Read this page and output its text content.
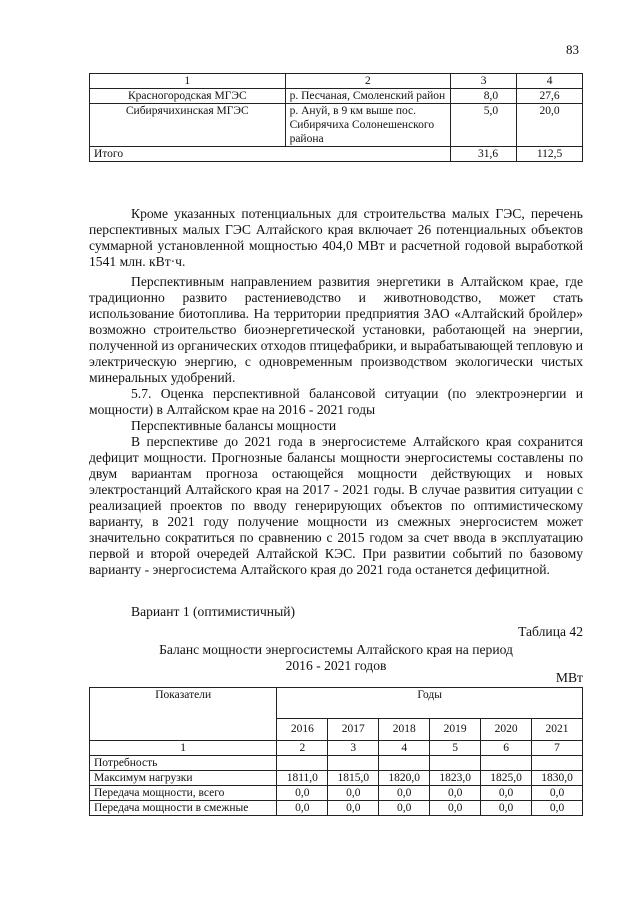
83
1	2	3	4
Красногородская МГЭС	р. Песчаная, Смоленский район	8,0	27,6
Сибирячихинская МГЭС	р. Ануй, в 9 км выше пос. Сибирячиха Солонешенского района	5,0	20,0
Итого		31,6	112,5

Кроме указанных потенциальных для строительства малых ГЭС, перечень перспективных малых ГЭС Алтайского края включает 26 потенциальных объектов суммарной установленной мощностью 404,0 МВт и расчетной годовой выработкой 1541 млн. кВт·ч.

Перспективным направлением развития энергетики в Алтайском крае, где традиционно развито растениеводство и животноводство, может стать использование биотоплива. На территории предприятия ЗАО «Алтайский бройлер» возможно строительство биоэнергетической установки, работающей на энергии, полученной из органических отходов птицефабрики, и вырабатывающей тепловую и электрическую энергию, с одновременным производством экологически чистых минеральных удобрений.

5.7. Оценка перспективной балансовой ситуации (по электроэнергии и мощности) в Алтайском крае на 2016 - 2021 годы

Перспективные балансы мощности

В перспективе до 2021 года в энергосистеме Алтайского края сохранится дефицит мощности. Прогнозные балансы мощности энергосистемы составлены по двум вариантам прогноза остающейся мощности действующих и новых электростанций Алтайского края на 2017 - 2021 годы. В случае развития ситуации с реализацией проектов по вводу генерирующих объектов по оптимистическому варианту, в 2021 году получение мощности из смежных энергосистем может значительно сократиться по сравнению с 2015 годом за счет ввода в эксплуатацию первой и второй очередей Алтайской КЭС. При развитии событий по базовому варианту - энергосистема Алтайского края до 2021 года останется дефицитной.

Вариант 1 (оптимистичный)

Таблица 42
Баланс мощности энергосистемы Алтайского края на период
2016 - 2021 годов
МВт
Показатели	Годы					
	2016	2017	2018	2019	2020	2021
1	2	3	4	5	6	7
Потребность						
Максимум нагрузки	1811,0	1815,0	1820,0	1823,0	1825,0	1830,0
Передача мощности, всего	0,0	0,0	0,0	0,0	0,0	0,0
Передача мощности в смежные	0,0	0,0	0,0	0,0	0,0	0,0
